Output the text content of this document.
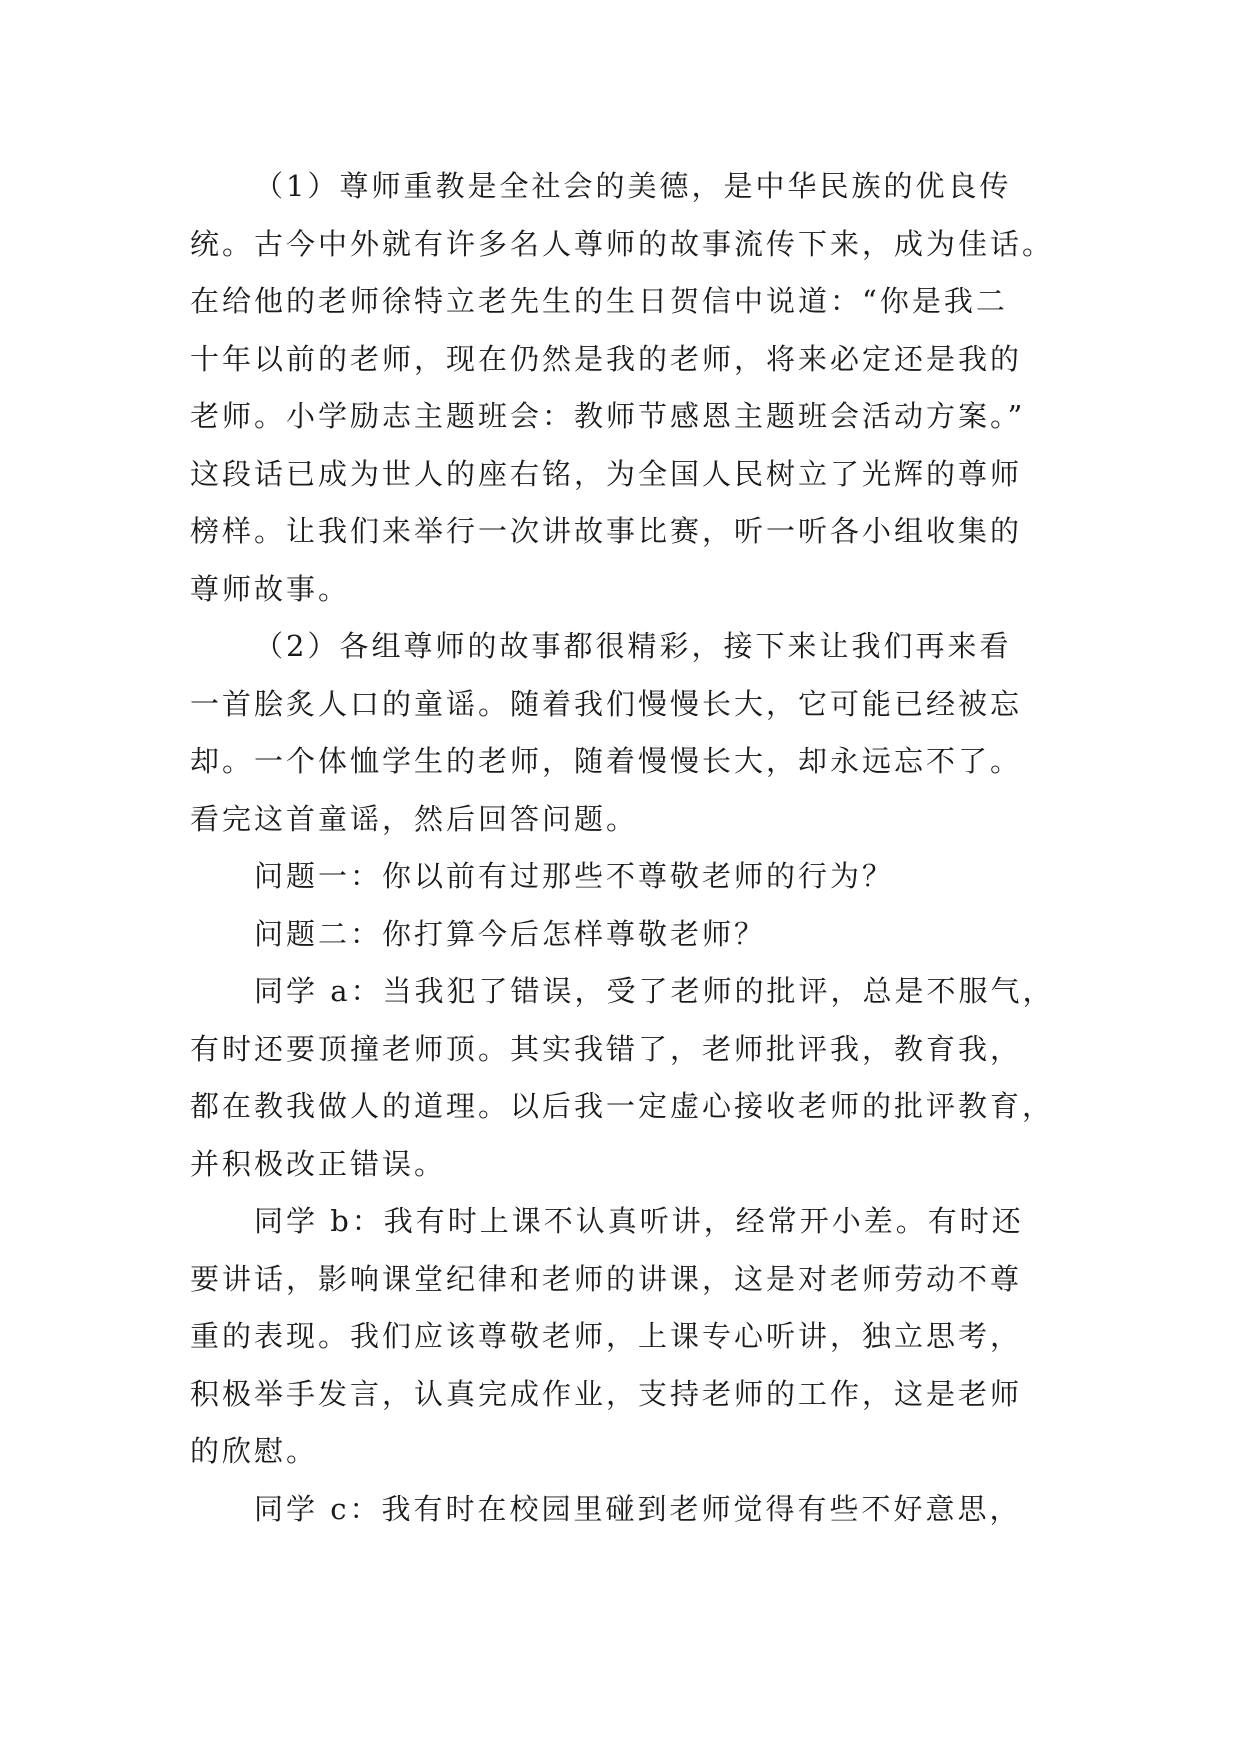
（1）尊师重教是全社会的美德，是中华民族的优良传
统。古今中外就有许多名人尊师的故事流传下来，成为佳话。
在给他的老师徐特立老先生的生日贺信中说道：“你是我二
十年以前的老师，现在仍然是我的老师，将来必定还是我的
老师。小学励志主题班会：教师节感恩主题班会活动方案。”
这段话已成为世人的座右铭，为全国人民树立了光辉的尊师
榜样。让我们来举行一次讲故事比赛，听一听各小组收集的
尊师故事。
（2）各组尊师的故事都很精彩，接下来让我们再来看
一首脍炙人口的童谣。随着我们慢慢长大，它可能已经被忘
却。一个体恤学生的老师，随着慢慢长大，却永远忘不了。
看完这首童谣，然后回答问题。
问题一：你以前有过那些不尊敬老师的行为？
问题二：你打算今后怎样尊敬老师？
同学 a：当我犯了错误，受了老师的批评，总是不服气，
有时还要顶撞老师顶。其实我错了，老师批评我，教育我，
都在教我做人的道理。以后我一定虚心接收老师的批评教育，
并积极改正错误。
同学 b：我有时上课不认真听讲，经常开小差。有时还
要讲话，影响课堂纪律和老师的讲课，这是对老师劳动不尊
重的表现。我们应该尊敬老师，上课专心听讲，独立思考，
积极举手发言，认真完成作业，支持老师的工作，这是老师
的欣慰。
同学 c：我有时在校园里碰到老师觉得有些不好意思，
